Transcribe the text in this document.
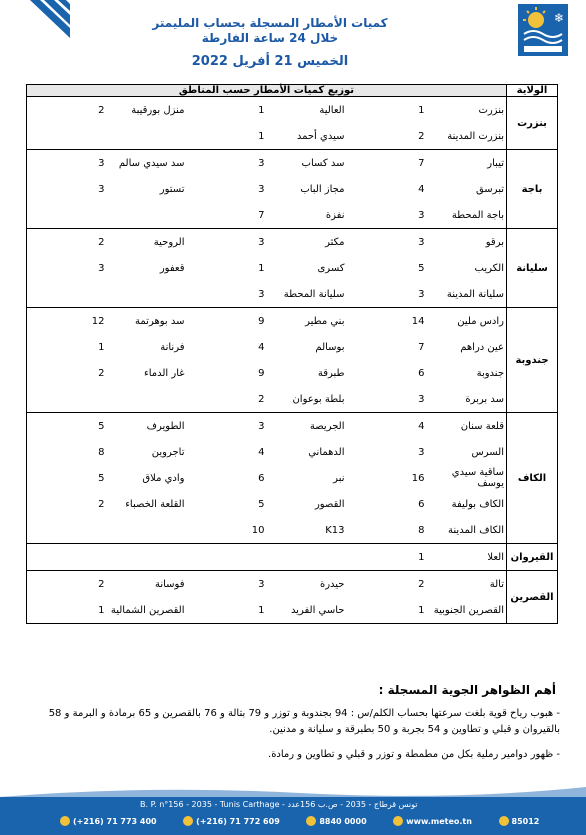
❄
كميات الأمطار المسجلة بحساب المليمتر
خلال 24 ساعة الفارطة
الخميس 21 أفريل 2022
الولاية	توزيع كميات الأمطار حسب المناطق					
بنزرت	بنزرت	1	العالية	1	منزل بورقيبة	2
	بنزرت المدينة	2	سيدي أحمد	1		
باجة	تيبار	7	سد كساب	3	سد سيدي سالم	3
	تبرسق	4	مجاز الباب	3	تستور	3
	باجة المحطة	3	نفزة	7		
سليانة	برقو	3	مكثر	3	الروحية	2
	الكريب	5	كسرى	1	قعفور	3
	سليانة المدينة	3	سليانة المحطة	3		
جندوبة	رادس ملين	14	بني مطير	9	سد بوهرتمة	12
	عين دراهم	7	بوسالم	4	فرنانة	1
	جندوبة	6	طبرقة	9	غار الدماء	2
	سد بربرة	3	بلطة بوعوان	2		
الكاف	قلعة سنان	4	الجريصة	3	الطويرف	5
	السرس	3	الدهماني	4	تاجروين	8
	ساقية سيدي يوسف	16	نبر	6	وادي ملاق	5
	الكاف بوليفة	6	القصور	5	القلعة الخصباء	2
	الكاف المدينة	8	K13	10		
القيروان	العلا	1				
القصرين	تالة	2	حيدرة	3	فوسانة	2
	القصرين الجنوبية	1	حاسي الفريد	1	القصرين الشمالية	1
أهم الظواهر الجوية المسجلة :
- هبوب رياح قوية بلغت سرعتها بحساب الكلم/س : 94 بجندوبة و توزر و 79 بتالة و 76 بالقصرين و 65 برمادة و البرمة و 58 بالقيروان و قبلي و تطاوين و 54 بجربة و 50 بطبرقة و سليانة و مدنين.
- ظهور دوامير رملية بكل من مطمطة و توزر و قبلي و تطاوين و رمادة.
B. P. n°156 - 2035 - Tunis Carthage - تونس قرطاج - 2035 - ص.ب 156عدد
(+216) 71 773 400	(+216) 71 772 609	8840 0000	www.meteo.tn	85012
